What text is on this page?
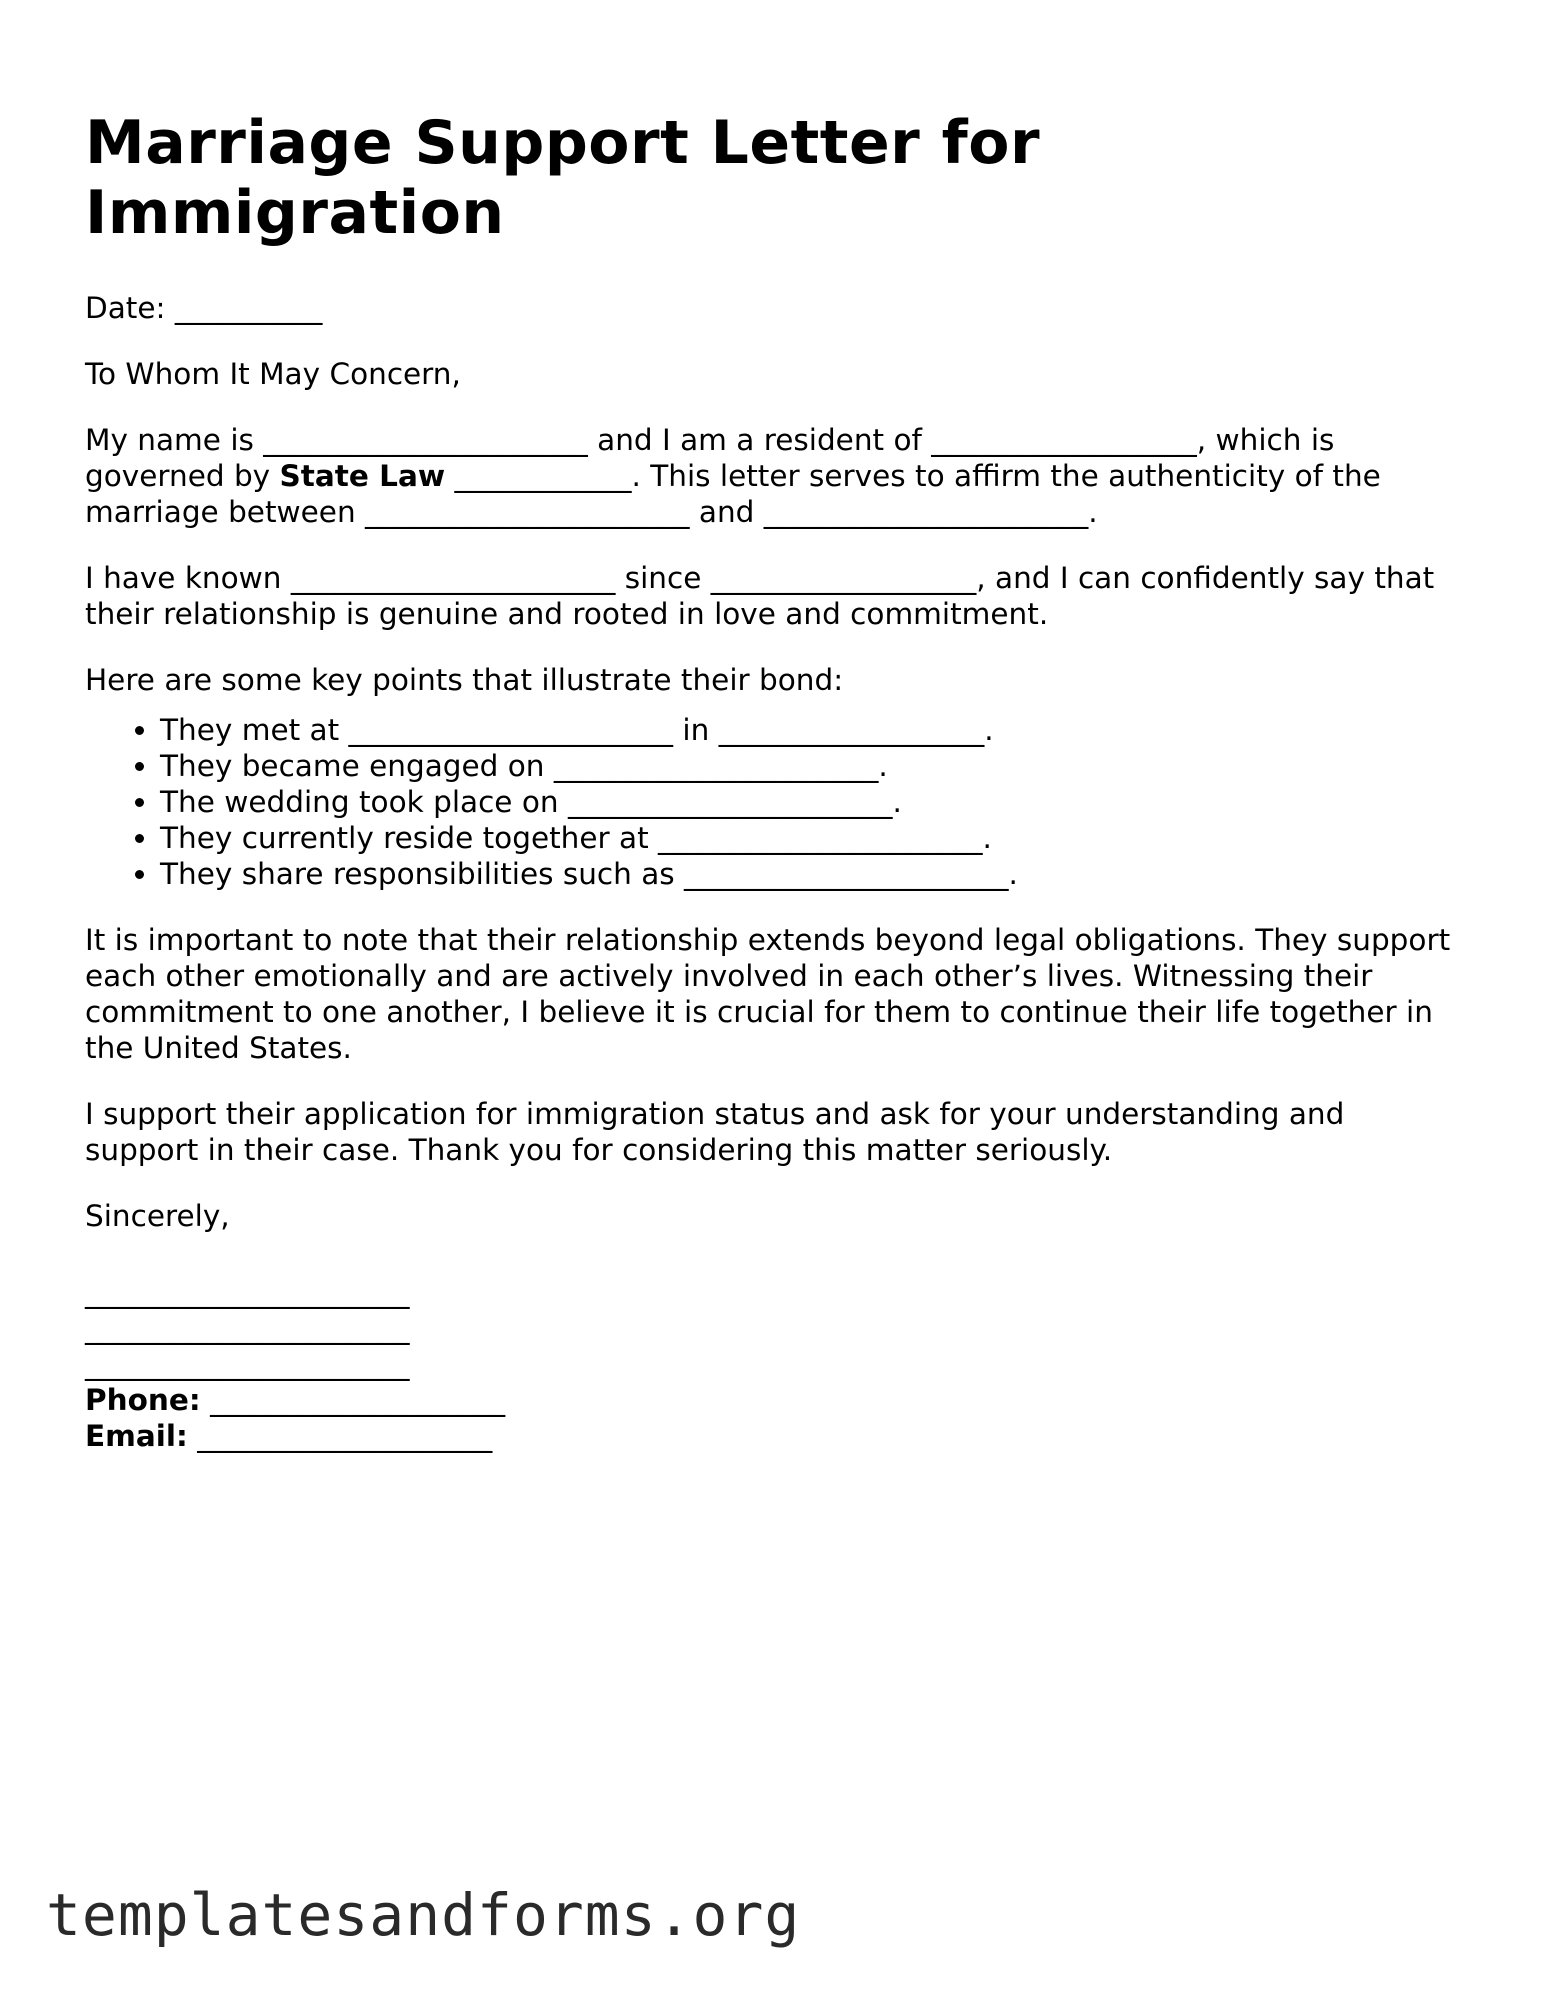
Marriage Support Letter for Immigration

Date: __________

To Whom It May Concern,

My name is ______________________ and I am a resident of __________________, which is governed by State Law ____________. This letter serves to affirm the authenticity of the marriage between ______________________ and ______________________.

I have known ______________________ since __________________, and I can confidently say that their relationship is genuine and rooted in love and commitment.

Here are some key points that illustrate their bond:

• They met at ______________________ in __________________.
• They became engaged on ______________________.
• The wedding took place on ______________________.
• They currently reside together at ______________________.
• They share responsibilities such as ______________________.

It is important to note that their relationship extends beyond legal obligations. They support each other emotionally and are actively involved in each other’s lives. Witnessing their commitment to one another, I believe it is crucial for them to continue their life together in the United States.

I support their application for immigration status and ask for your understanding and support in their case. Thank you for considering this matter seriously.

Sincerely,

______________________
______________________
______________________
Phone: ____________________
Email: ____________________
templatesandforms.org
